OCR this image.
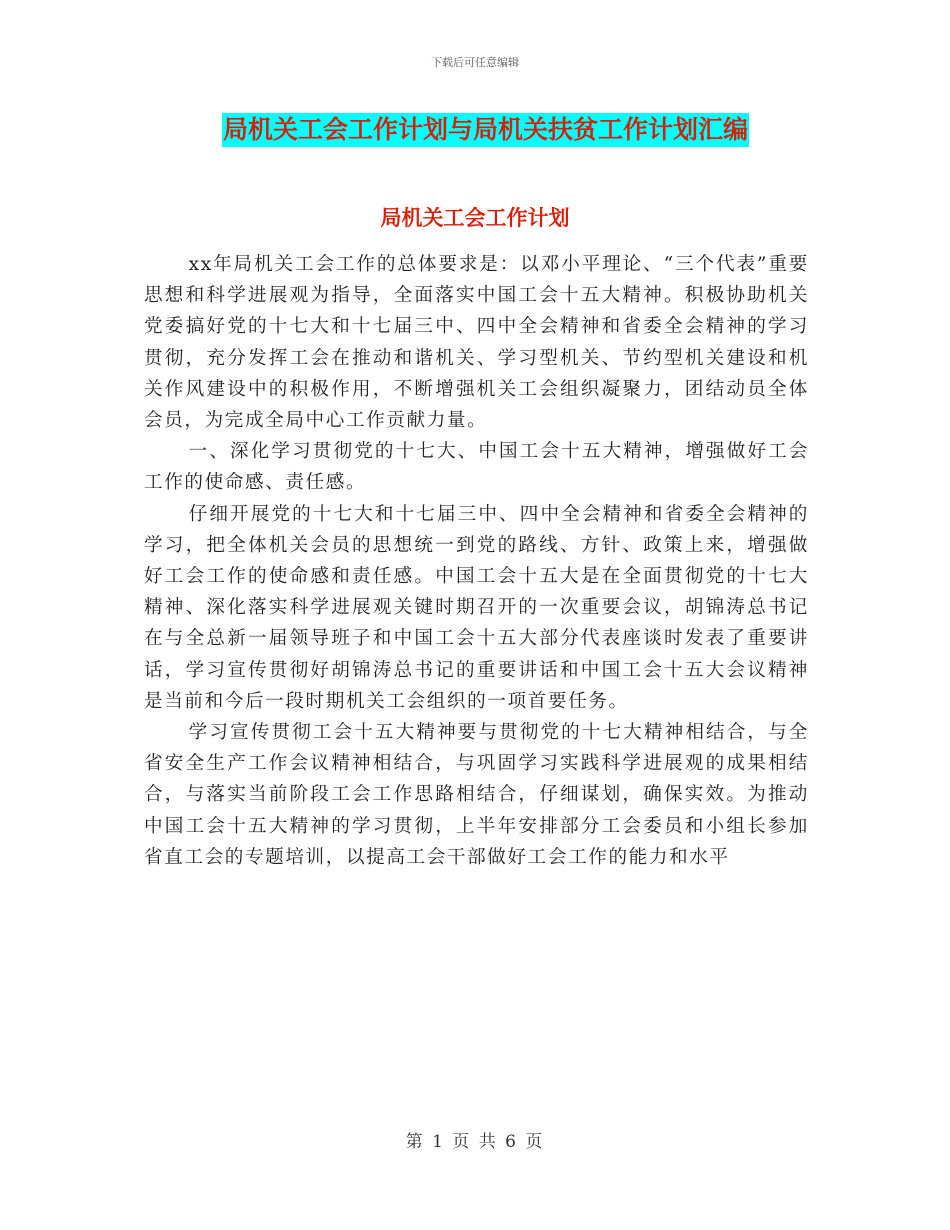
下载后可任意编辑
局机关工会工作计划与局机关扶贫工作计划汇编
局机关工会工作计划

xx年局机关工会工作的总体要求是：以邓小平理论、“三个代表”重要思想和科学进展观为指导，全面落实中国工会十五大精神。积极协助机关党委搞好党的十七大和十七届三中、四中全会精神和省委全会精神的学习贯彻，充分发挥工会在推动和谐机关、学习型机关、节约型机关建设和机关作风建设中的积极作用，不断增强机关工会组织凝聚力，团结动员全体会员，为完成全局中心工作贡献力量。

一、深化学习贯彻党的十七大、中国工会十五大精神，增强做好工会工作的使命感、责任感。

仔细开展党的十七大和十七届三中、四中全会精神和省委全会精神的学习，把全体机关会员的思想统一到党的路线、方针、政策上来，增强做好工会工作的使命感和责任感。中国工会十五大是在全面贯彻党的十七大精神、深化落实科学进展观关键时期召开的一次重要会议，胡锦涛总书记在与全总新一届领导班子和中国工会十五大部分代表座谈时发表了重要讲话，学习宣传贯彻好胡锦涛总书记的重要讲话和中国工会十五大会议精神是当前和今后一段时期机关工会组织的一项首要任务。

学习宣传贯彻工会十五大精神要与贯彻党的十七大精神相结合，与全省安全生产工作会议精神相结合，与巩固学习实践科学进展观的成果相结合，与落实当前阶段工会工作思路相结合，仔细谋划，确保实效。为推动中国工会十五大精神的学习贯彻，上半年安排部分工会委员和小组长参加省直工会的专题培训，以提高工会干部做好工会工作的能力和水平

第 1 页 共 6 页
